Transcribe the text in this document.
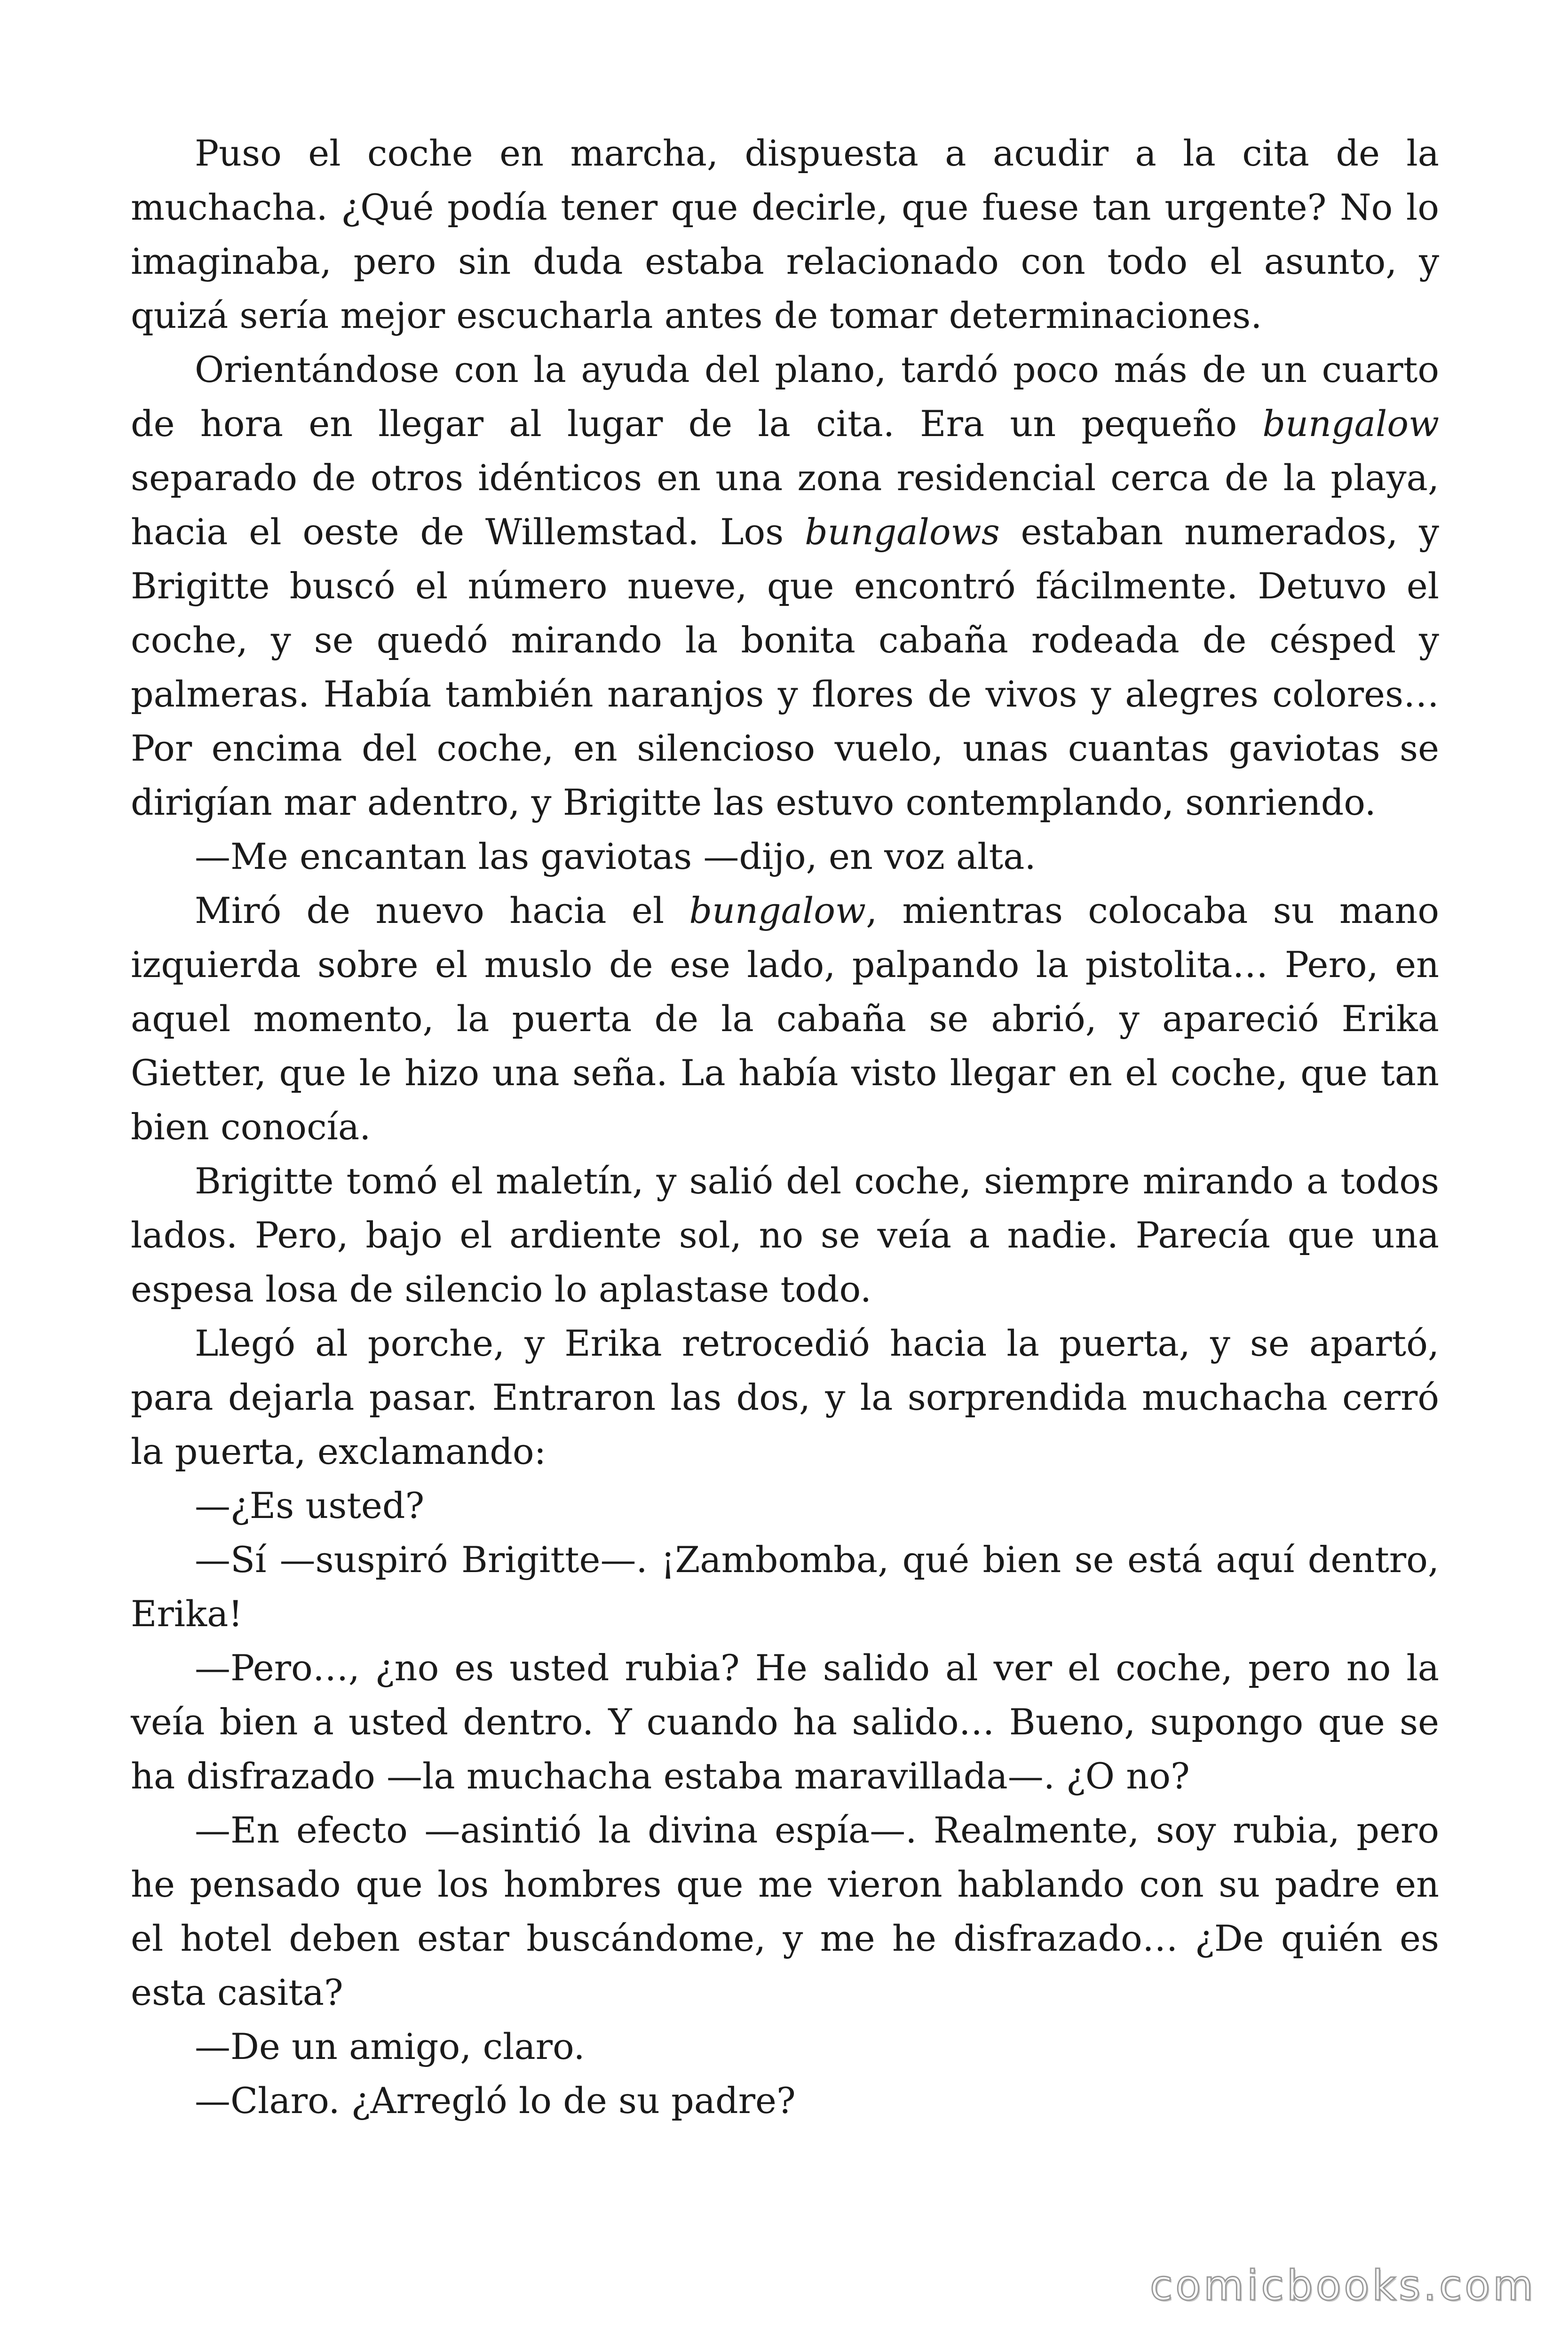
Puso el coche en marcha, dispuesta a acudir a la cita de la muchacha. ¿Qué podía tener que decirle, que fuese tan urgente? No lo imaginaba, pero sin duda estaba relacionado con todo el asunto, y quizá sería mejor escucharla antes de tomar determinaciones.

Orientándose con la ayuda del plano, tardó poco más de un cuarto de hora en llegar al lugar de la cita. Era un pequeño bungalow separado de otros idénticos en una zona residencial cerca de la playa, hacia el oeste de Willemstad. Los bungalows estaban numerados, y Brigitte buscó el número nueve, que encontró fácilmente. Detuvo el coche, y se quedó mirando la bonita cabaña rodeada de césped y palmeras. Había también naranjos y flores de vivos y alegres colores… Por encima del coche, en silencioso vuelo, unas cuantas gaviotas se dirigían mar adentro, y Brigitte las estuvo contemplando, sonriendo.

—Me encantan las gaviotas —dijo, en voz alta.

Miró de nuevo hacia el bungalow, mientras colocaba su mano izquierda sobre el muslo de ese lado, palpando la pistolita… Pero, en aquel momento, la puerta de la cabaña se abrió, y apareció Erika Gietter, que le hizo una seña. La había visto llegar en el coche, que tan bien conocía.

Brigitte tomó el maletín, y salió del coche, siempre mirando a todos lados. Pero, bajo el ardiente sol, no se veía a nadie. Parecía que una espesa losa de silencio lo aplastase todo.

Llegó al porche, y Erika retrocedió hacia la puerta, y se apartó, para dejarla pasar. Entraron las dos, y la sorprendida muchacha cerró la puerta, exclamando:

—¿Es usted?

—Sí —suspiró Brigitte—. ¡Zambomba, qué bien se está aquí dentro, Erika!

—Pero…, ¿no es usted rubia? He salido al ver el coche, pero no la veía bien a usted dentro. Y cuando ha salido… Bueno, supongo que se ha disfrazado —la muchacha estaba maravillada—. ¿O no?

—En efecto —asintió la divina espía—. Realmente, soy rubia, pero he pensado que los hombres que me vieron hablando con su padre en el hotel deben estar buscándome, y me he disfrazado… ¿De quién es esta casita?

—De un amigo, claro.

—Claro. ¿Arregló lo de su padre?

comicbooks.com
